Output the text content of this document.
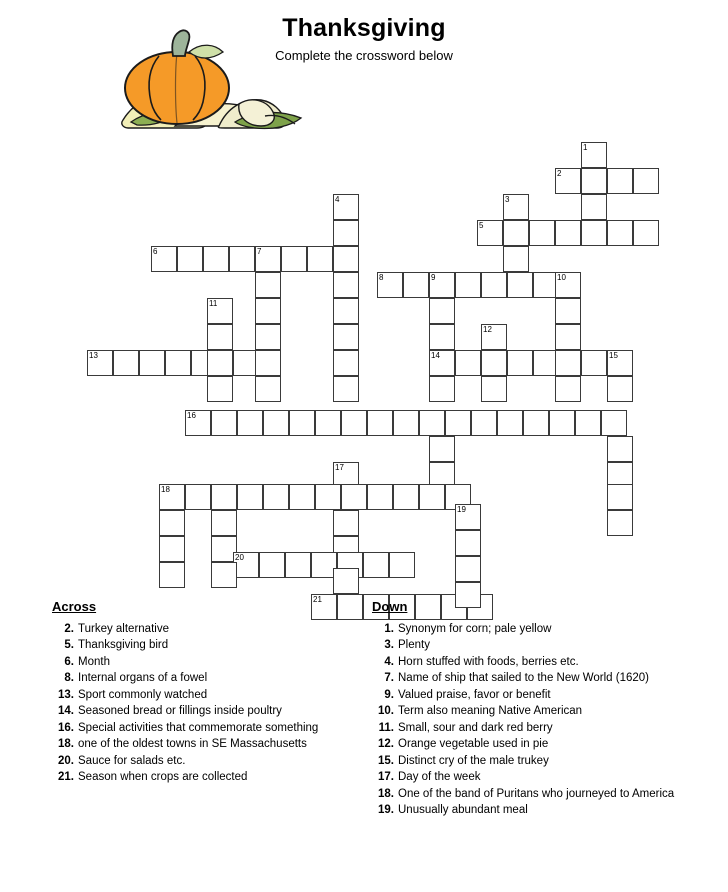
Thanksgiving
Complete the crossword below
1
2
3
5
4
6	7
8	9	10
11
12
13	14	15
16
17
18
19
20
21
Across
2. Turkey alternative
5. Thanksgiving bird
6. Month
8. Internal organs of a fowel
13. Sport commonly watched
14. Seasoned bread or fillings inside poultry
16. Special activities that commemorate something
18. one of the oldest towns in SE Massachusetts
20. Sauce for salads etc.
21. Season when crops are collected
Down
1. Synonym for corn; pale yellow
3. Plenty
4. Horn stuffed with foods, berries etc.
7. Name of ship that sailed to the New World (1620)
9. Valued praise, favor or benefit
10. Term also meaning Native American
11. Small, sour and dark red berry
12. Orange vegetable used in pie
15. Distinct cry of the male trukey
17. Day of the week
18. One of the band of Puritans who journeyed to America
19. Unusually abundant meal
